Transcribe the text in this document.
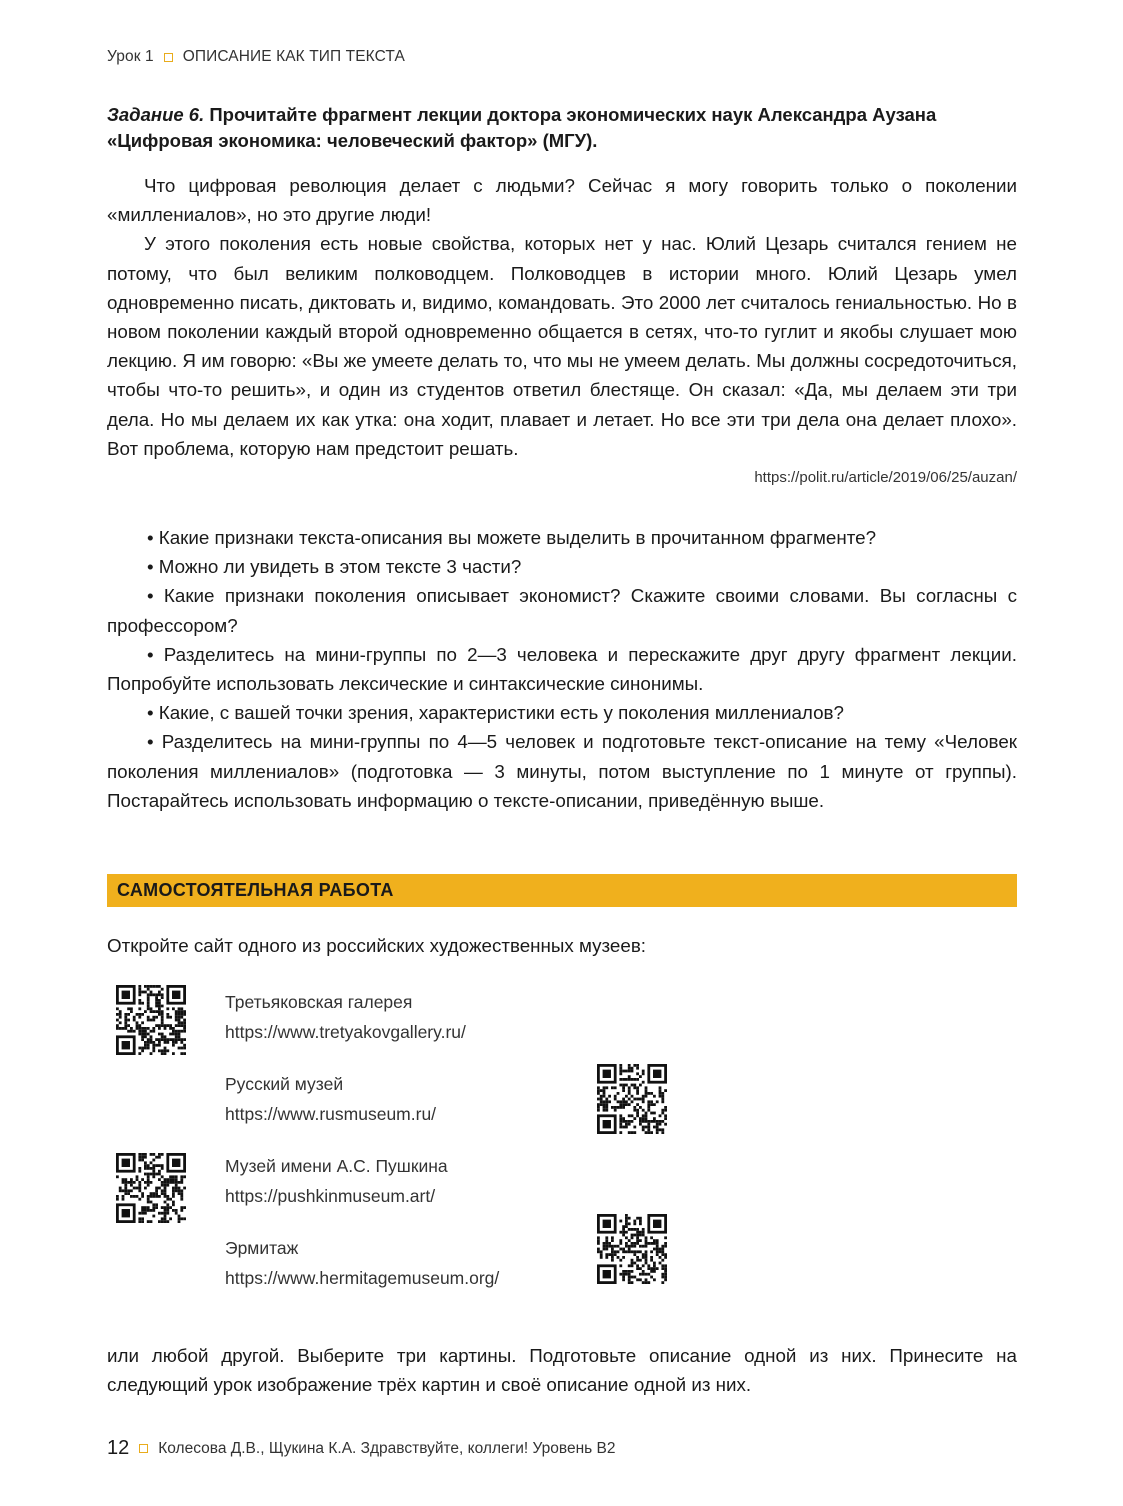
Урок 1 ОПИСАНИЕ КАК ТИП ТЕКСТА
Задание 6. Прочитайте фрагмент лекции доктора экономических наук Александра Аузана «Цифровая экономика: человеческий фактор» (МГУ).

Что цифровая революция делает с людьми? Сейчас я могу говорить только о поколении «миллениалов», но это другие люди!

У этого поколения есть новые свойства, которых нет у нас. Юлий Цезарь считался гением не потому, что был великим полководцем. Полководцев в истории много. Юлий Цезарь умел одновременно писать, диктовать и, видимо, командовать. Это 2000 лет считалось гениальностью. Но в новом поколении каждый второй одновременно общается в сетях, что-то гуглит и якобы слушает мою лекцию. Я им говорю: «Вы же умеете делать то, что мы не умеем делать. Мы должны сосредоточиться, чтобы что-то решить», и один из студентов ответил блестяще. Он сказал: «Да, мы делаем эти три дела. Но мы делаем их как утка: она ходит, плавает и летает. Но все эти три дела она делает плохо». Вот проблема, которую нам предстоит решать.

https://polit.ru/article/2019/06/25/auzan/

• Какие признаки текста-описания вы можете выделить в прочитанном фрагменте?

• Можно ли увидеть в этом тексте 3 части?

• Какие признаки поколения описывает экономист? Скажите своими словами. Вы согласны с профессором?

• Разделитесь на мини-группы по 2—3 человека и перескажите друг другу фрагмент лекции. Попробуйте использовать лексические и синтаксические синонимы.

• Какие, с вашей точки зрения, характеристики есть у поколения миллениалов?

• Разделитесь на мини-группы по 4—5 человек и подготовьте текст-описание на тему «Человек поколения миллениалов» (подготовка — 3 минуты, потом выступление по 1 минуте от группы). Постарайтесь использовать информацию о тексте-описании, приведённую выше.

САМОСТОЯТЕЛЬНАЯ РАБОТА
Откройте сайт одного из российских художественных музеев:
Третьяковская галерея
https://www.tretyakovgallery.ru/
Русский музей
https://www.rusmuseum.ru/
Музей имени А.С. Пушкина
https://pushkinmuseum.art/
Эрмитаж
https://www.hermitagemuseum.org/
или любой другой. Выберите три картины. Подготовьте описание одной из них. Принесите на следующий урок изображение трёх картин и своё описание одной из них.
12 Колесова Д.В., Щукина К.А. Здравствуйте, коллеги! Уровень В2
